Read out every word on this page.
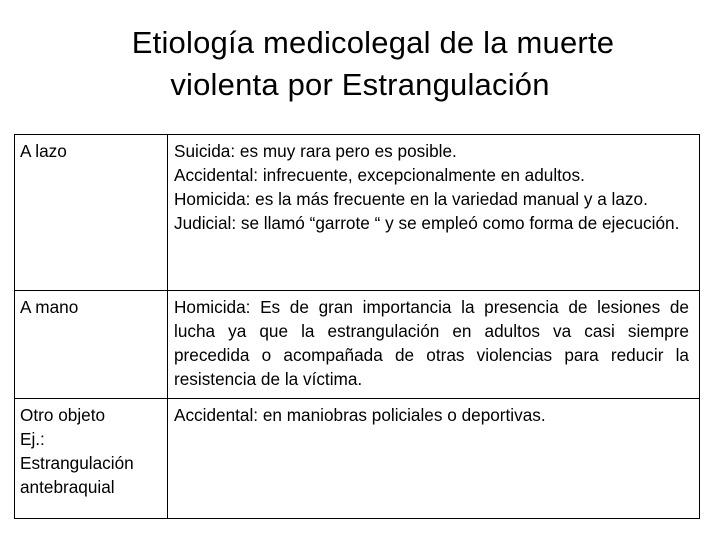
Etiología medicolegal de la muerte
violenta por Estrangulación
A lazo	Suicida: es muy rara pero es posible.
Accidental: infrecuente, excepcionalmente en adultos.
Homicida: es la más frecuente en la variedad manual y a lazo.
Judicial: se llamó “garrote “ y se empleó como forma de ejecución.

A mano	Homicida: Es de gran importancia la presencia de lesiones de lucha ya que la estrangulación en adultos va casi siempre precedida o acompañada de otras violencias para reducir la resistencia de la víctima.

Otro objeto
Ej.:
Estrangulación
antebraquial	Accidental: en maniobras policiales o deportivas.
